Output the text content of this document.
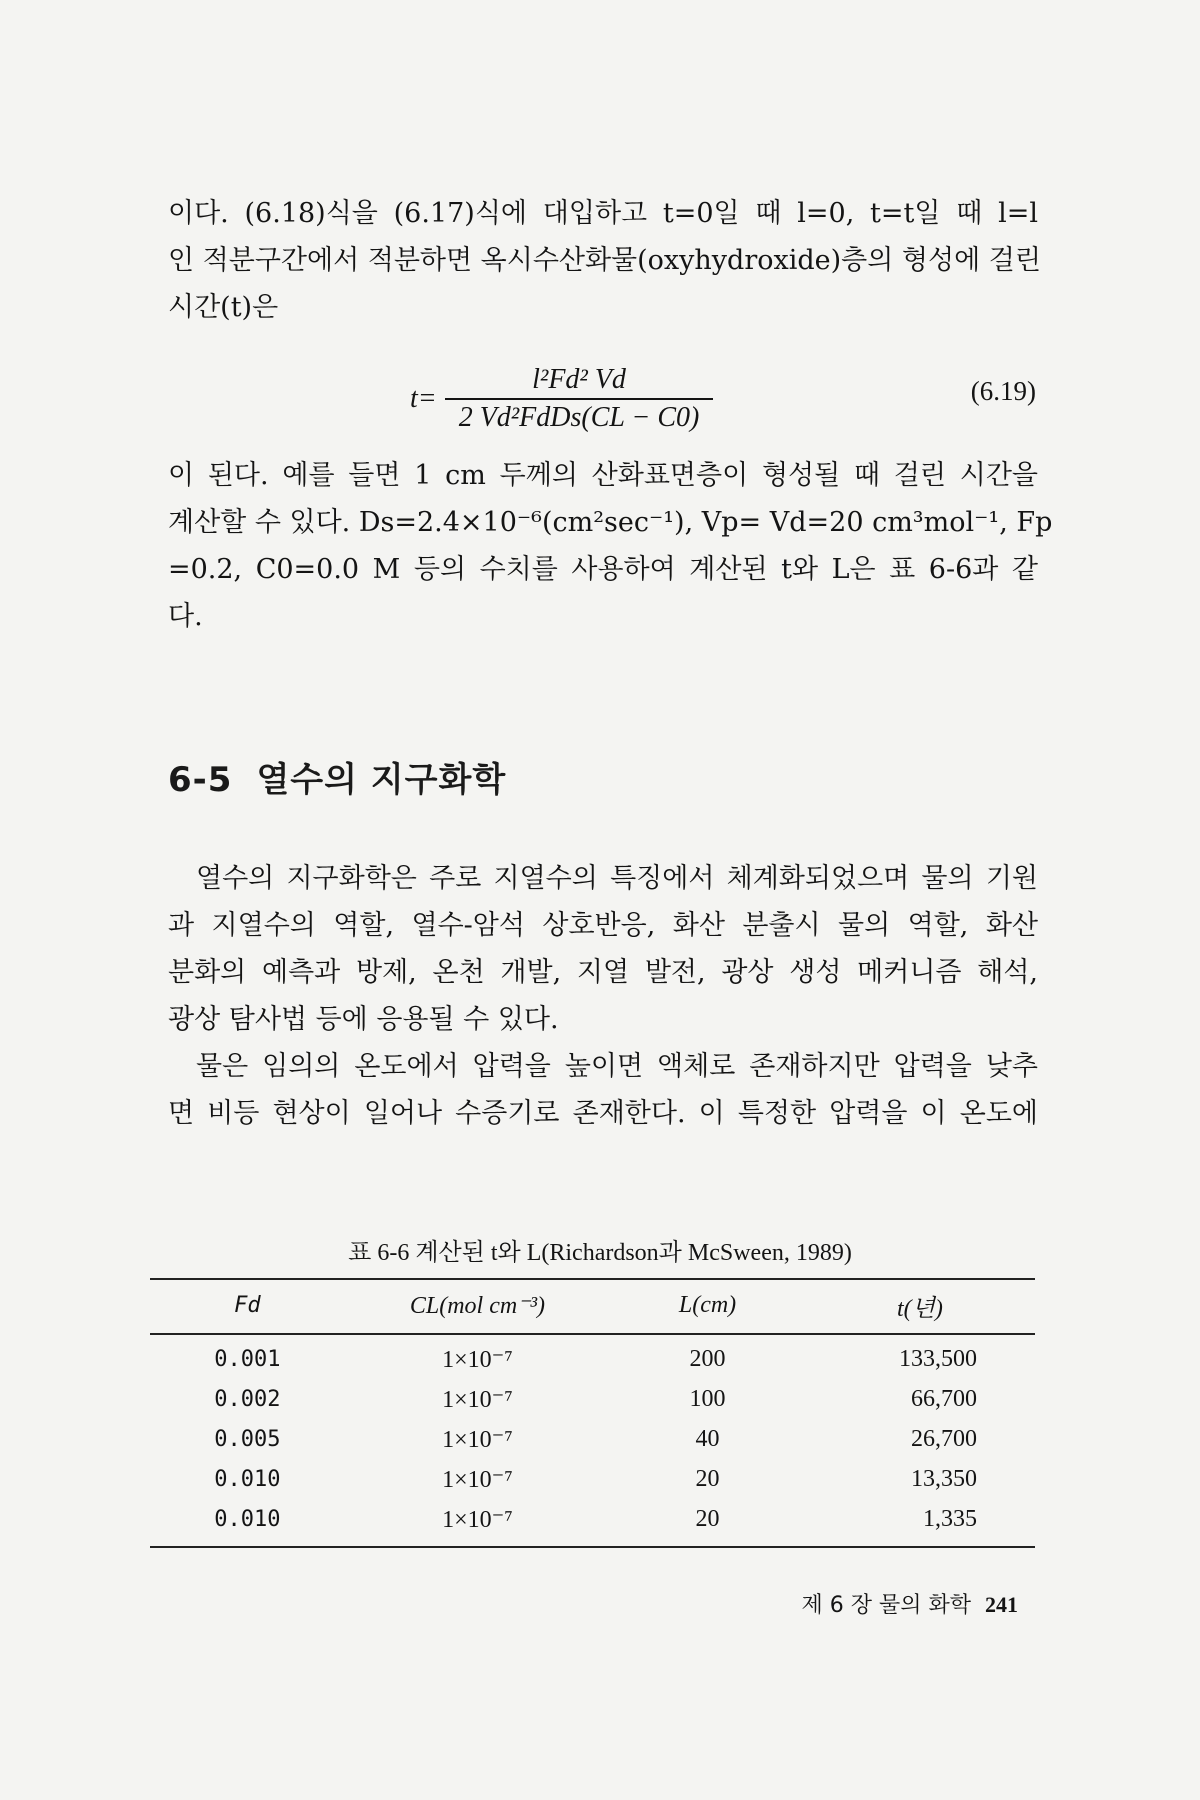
이다. (6.18)식을 (6.17)식에 대입하고 t=0일 때 l=0, t=t일 때 l=l
인 적분구간에서 적분하면 옥시수산화물(oxyhydroxide)층의 형성에 걸린
시간(t)은
$t= \frac{\text{l²Fd² Vd}}{\text{2 Vd²FdDs(CL − C0)}}$	(6.19)
이 된다. 예를 들면 1 cm 두께의 산화표면층이 형성될 때 걸린 시간을
계산할 수 있다. Ds=2.4×10⁻⁶(cm²sec⁻¹), Vp= Vd=20 cm³mol⁻¹, Fp
=0.2, C0=0.0 M 등의 수치를 사용하여 계산된 t와 L은 표 6-6과 같
다.
6-5 열수의 지구화학
열수의 지구화학은 주로 지열수의 특징에서 체계화되었으며 물의 기원
과 지열수의 역할, 열수-암석 상호반응, 화산 분출시 물의 역할, 화산
분화의 예측과 방제, 온천 개발, 지열 발전, 광상 생성 메커니즘 해석,
광상 탐사법 등에 응용될 수 있다.
물은 임의의 온도에서 압력을 높이면 액체로 존재하지만 압력을 낮추
면 비등 현상이 일어나 수증기로 존재한다. 이 특정한 압력을 이 온도에
표 6-6 계산된 t와 L(Richardson과 McSween, 1989)
Fd	CL(mol cm⁻³)	L(cm)	t(년)
0.001	1×10⁻⁷	200	133,500
0.002	1×10⁻⁷	100	66,700
0.005	1×10⁻⁷	40	26,700
0.010	1×10⁻⁷	20	13,350
0.010	1×10⁻⁷	20	1,335
제 6 장 물의 화학 241
